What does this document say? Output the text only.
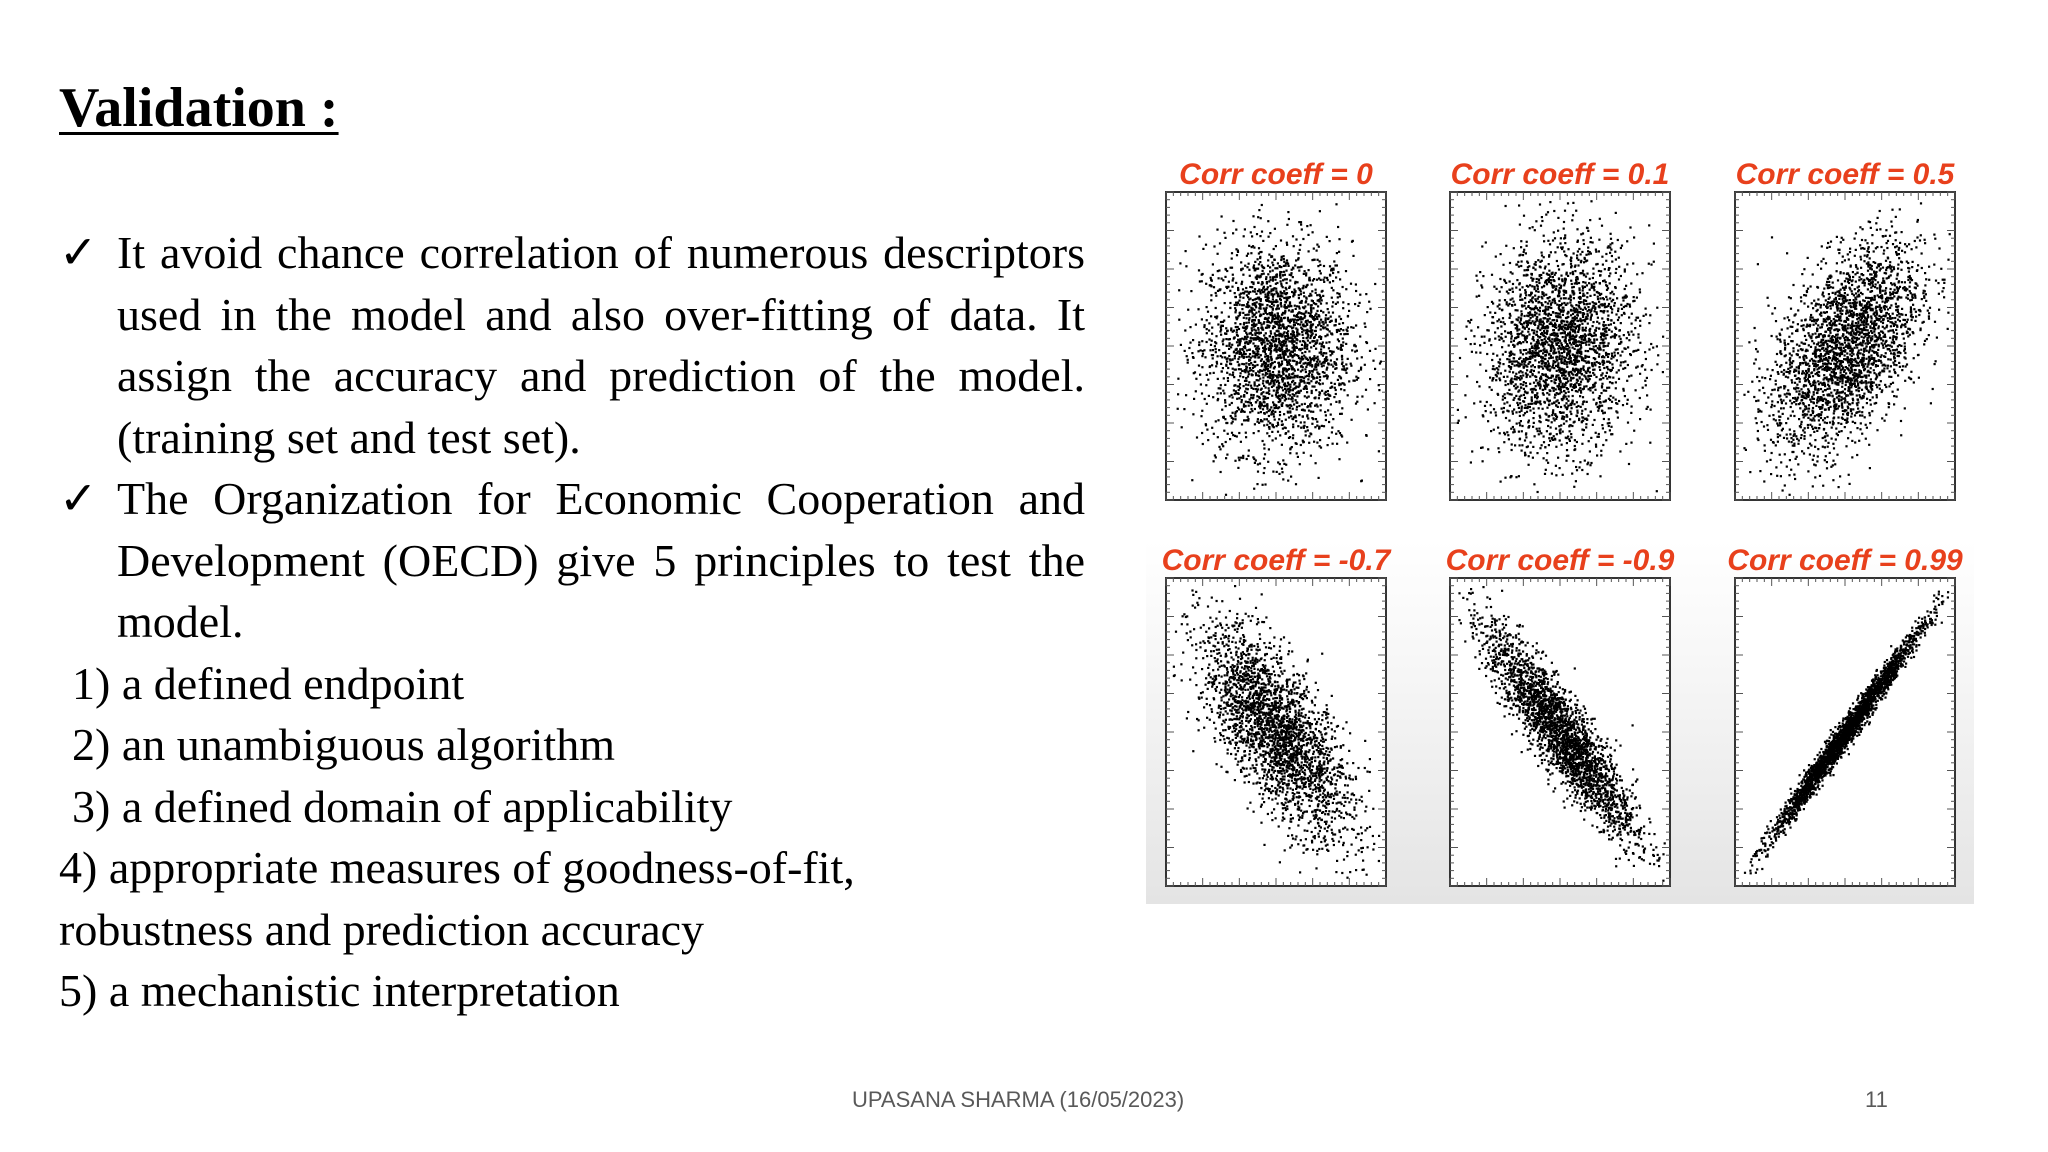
Validation :
✓ It avoid chance correlation of numerous descriptors used in the model and also over-fitting of data. It assign the accuracy and prediction of the model. (training set and test set).
✓ The Organization for Economic Cooperation and Development (OECD) give 5 principles to test the model.
1) a defined endpoint
2) an unambiguous algorithm
3) a defined domain of applicability
4) appropriate measures of goodness-of-fit, robustness and prediction accuracy
5) a mechanistic interpretation
Corr coeff = 0	Corr coeff = 0.1 Corr coeff = 0.5
Corr coeff = -0.7 Corr coeff = -0.9 Corr coeff = 0.99
UPASANA SHARMA (16/05/2023)	11
